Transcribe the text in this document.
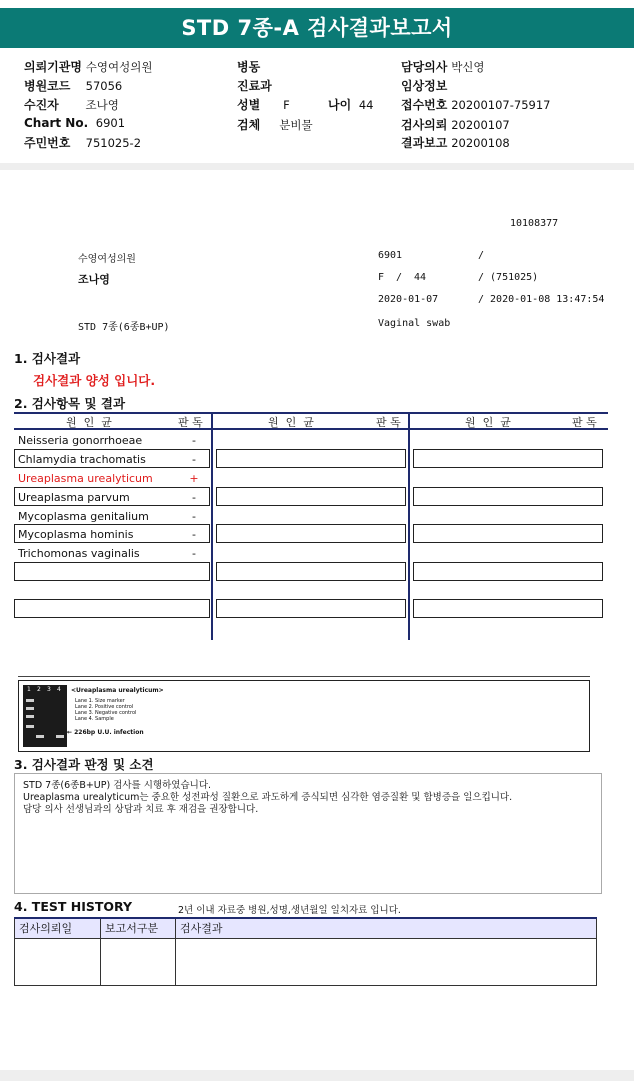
STD 7종-A 검사결과보고서
의뢰기관명 수영여성의원	병동	담당의사 박신영
병원코드 57056	진료과	임상정보
수진자 조나영	성별 F	나이 44 접수번호 20200107-75917
Chart No. 6901	검체 분비물	검사의뢰 20200107
주민번호 751025-2	결과보고 20200108
10108377
수영여성의원	6901	/
조나영	F / 44	/ (751025)
2020-01-07	/ 2020-01-08 13:47:54
STD 7종(6종B+UP)	Vaginal swab
1. 검사결과
검사결과 양성 입니다.
2. 검사항목 및 결과
원  인  균	판 독	원  인  균	판 독	원  인  균	판 독
Neisseria gonorrhoeae	-
Chlamydia trachomatis	-
Ureaplasma urealyticum	+
Ureaplasma parvum	-
Mycoplasma genitalium	-
Mycoplasma hominis	-
Trichomonas vaginalis	-
1 2 3 4 <Ureaplasma urealyticum>
Lane 1. Size marker
Lane 2. Positive control
Lane 3. Negative control
Lane 4. Sample
← 226bp U.U. infection
3. 검사결과 판정 및 소견
STD 7종(6종B+UP) 검사를 시행하였습니다.
Ureaplasma urealyticum는 중요한 성전파성 질환으로 과도하게 증식되면 심각한 염증질환 및 합병증을 일으킵니다.
담당 의사 선생님과의 상담과 치료 후 재검을 권장합니다.
4. TEST HISTORY	2년 이내 자료중 병원,성명,생년월일 일치자료 입니다.
검사의뢰일	보고서구분	검사결과
